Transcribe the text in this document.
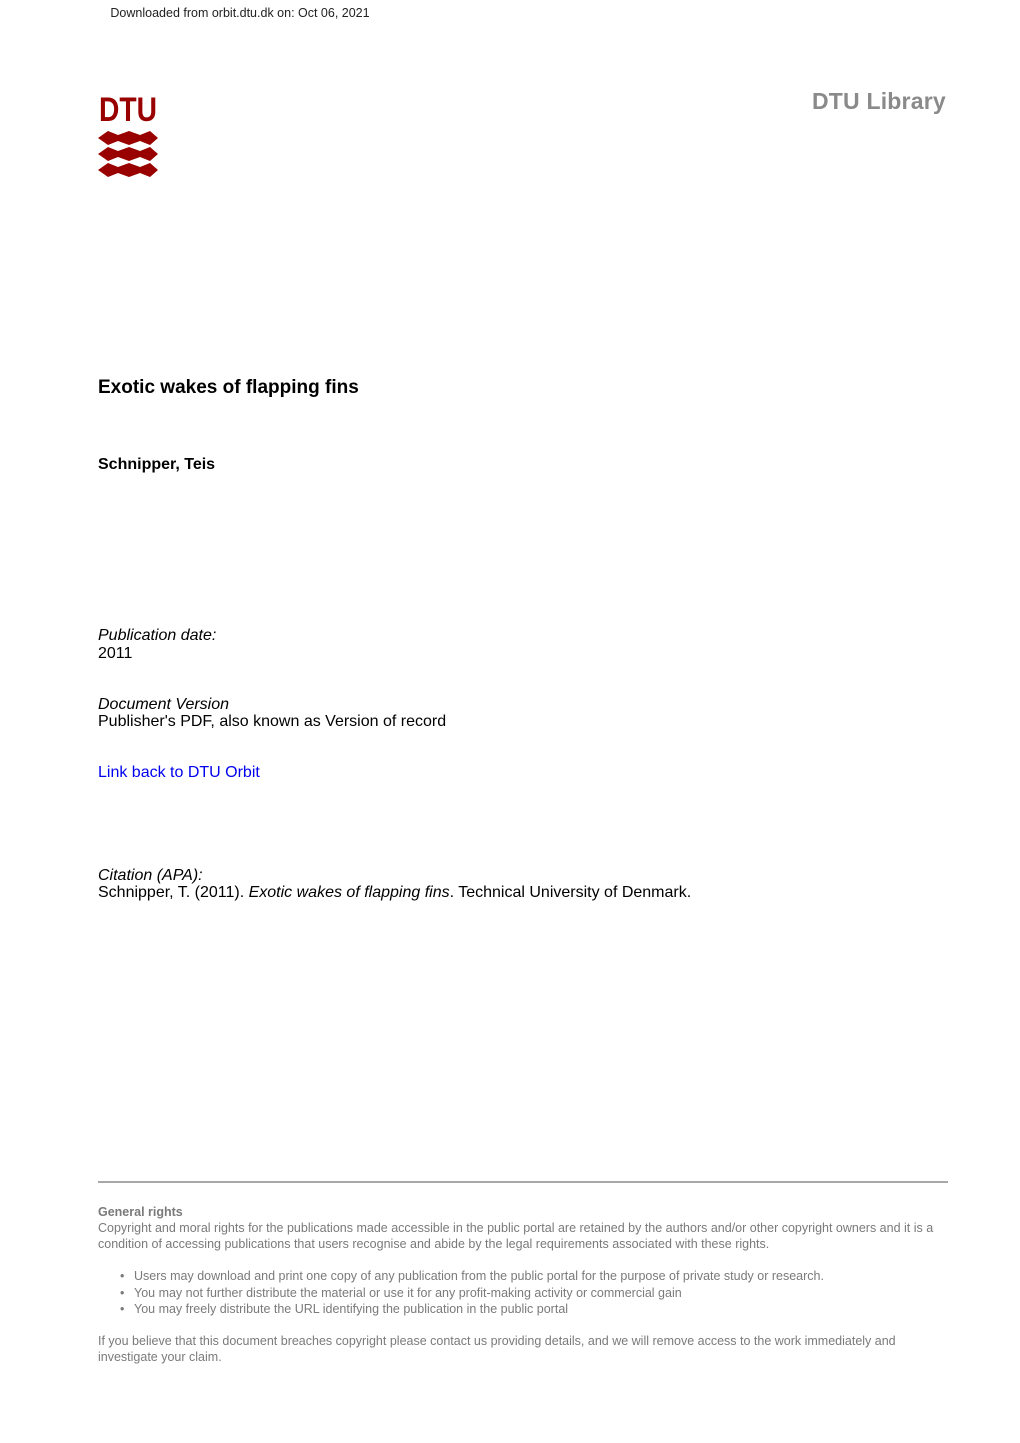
Downloaded from orbit.dtu.dk on: Oct 06, 2021
DTU	DTU Library
Exotic wakes of flapping fins
Schnipper, Teis
Publication date:
2011
Document Version
Publisher's PDF, also known as Version of record
Link back to DTU Orbit
Citation (APA):
Schnipper, T. (2011). Exotic wakes of flapping fins. Technical University of Denmark.
General rights
Copyright and moral rights for the publications made accessible in the public portal are retained by the authors and/or other copyright owners and it is a condition of accessing publications that users recognise and abide by the legal requirements associated with these rights.
• Users may download and print one copy of any publication from the public portal for the purpose of private study or research.
• You may not further distribute the material or use it for any profit-making activity or commercial gain
• You may freely distribute the URL identifying the publication in the public portal
If you believe that this document breaches copyright please contact us providing details, and we will remove access to the work immediately and investigate your claim.
